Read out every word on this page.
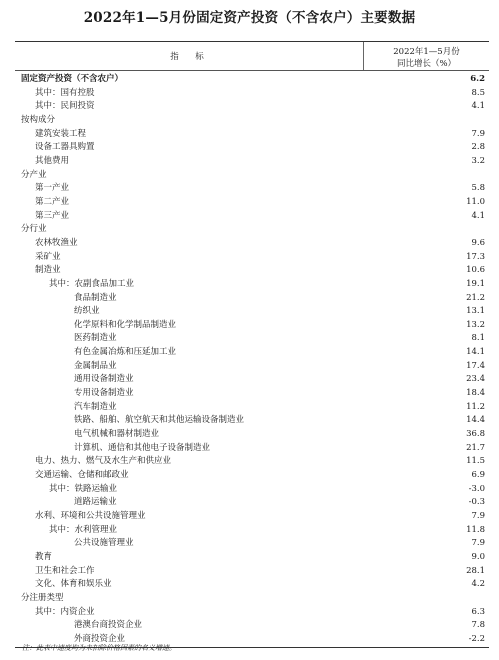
2022年1—5月份固定资产投资（不含农户）主要数据
指　标	2022年1—5月份
同比增长（%）
固定资产投资（不含农户）	6.2
其中：国有控股	8.5
其中：民间投资	4.1
按构成分
建筑安装工程	7.9
设备工器具购置	2.8
其他费用	3.2
分产业
第一产业	5.8
第二产业	11.0
第三产业	4.1
分行业
农林牧渔业	9.6
采矿业	17.3
制造业	10.6
其中：农副食品加工业	19.1
食品制造业	21.2
纺织业	13.1
化学原料和化学制品制造业	13.2
医药制造业	8.1
有色金属冶炼和压延加工业	14.1
金属制品业	17.4
通用设备制造业	23.4
专用设备制造业	18.4
汽车制造业	11.2
铁路、船舶、航空航天和其他运输设备制造业	14.4
电气机械和器材制造业	36.8
计算机、通信和其他电子设备制造业	21.7
电力、热力、燃气及水生产和供应业	11.5
交通运输、仓储和邮政业	6.9
其中：铁路运输业	-3.0
道路运输业	-0.3
水利、环境和公共设施管理业	7.9
其中：水利管理业	11.8
公共设施管理业	7.9
教育	9.0
卫生和社会工作	28.1
文化、体育和娱乐业	4.2
分注册类型
其中：内资企业	6.3
港澳台商投资企业	7.8
外商投资企业	-2.2
注：此表中速度均为未扣除价格因素的名义增速。
